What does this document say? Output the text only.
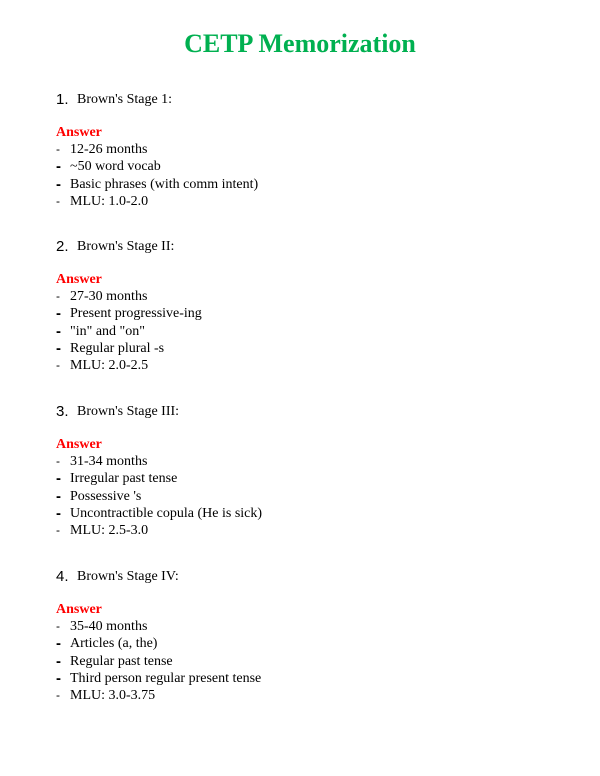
CETP Memorization
1. Brown's Stage 1:
Answer
- 12-26 months
- ~50 word vocab
- Basic phrases (with comm intent)
- MLU: 1.0-2.0
2. Brown's Stage II:
Answer
- 27-30 months
- Present progressive-ing
- "in" and "on"
- Regular plural -s
- MLU: 2.0-2.5
3. Brown's Stage III:
Answer
- 31-34 months
- Irregular past tense
- Possessive 's
- Uncontractible copula (He is sick)
- MLU: 2.5-3.0
4. Brown's Stage IV:
Answer
- 35-40 months
- Articles (a, the)
- Regular past tense
- Third person regular present tense
- MLU: 3.0-3.75
